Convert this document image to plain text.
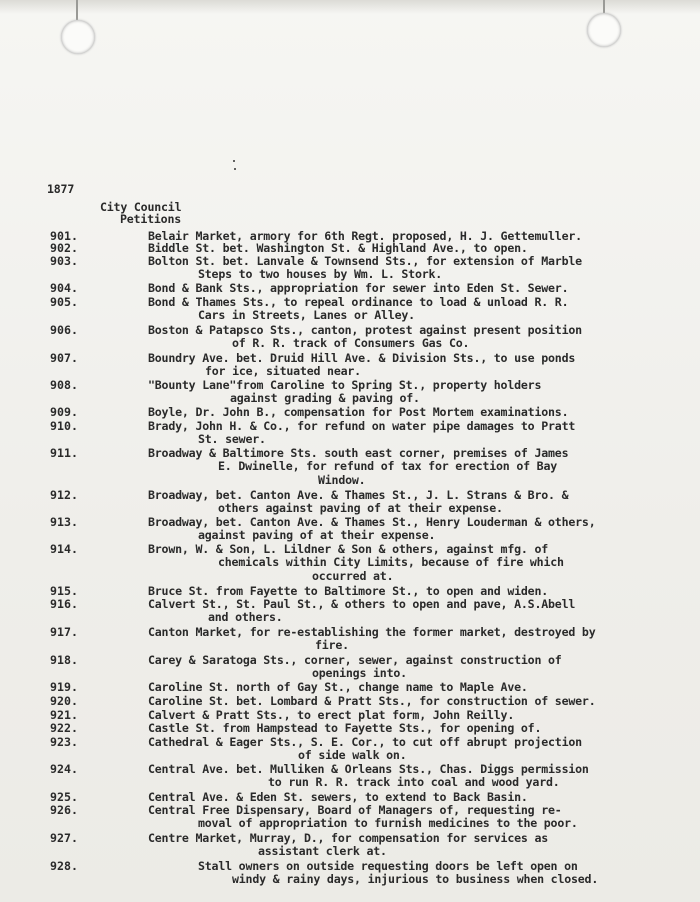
1877
City Council
Petitions
901.	Belair Market, armory for 6th Regt. proposed, H. J. Gettemuller.
902.	Biddle St. bet. Washington St. & Highland Ave., to open.
903.	Bolton St. bet. Lanvale & Townsend Sts., for extension of Marble
Steps to two houses by Wm. L. Stork.
904.	Bond & Bank Sts., appropriation for sewer into Eden St. Sewer.
905.	Bond & Thames Sts., to repeal ordinance to load & unload R. R.
Cars in Streets, Lanes or Alley.
906.	Boston & Patapsco Sts., canton, protest against present position
of R. R. track of Consumers Gas Co.
907.	Boundry Ave. bet. Druid Hill Ave. & Division Sts., to use ponds
for ice, situated near.
908.	"Bounty Lane"from Caroline to Spring St., property holders
against grading & paving of.
909.	Boyle, Dr. John B., compensation for Post Mortem examinations.
910.	Brady, John H. & Co., for refund on water pipe damages to Pratt
St. sewer.
911.	Broadway & Baltimore Sts. south east corner, premises of James
E. Dwinelle, for refund of tax for erection of Bay
Window.
912.	Broadway, bet. Canton Ave. & Thames St., J. L. Strans & Bro. &
others against paving of at their expense.
913.	Broadway, bet. Canton Ave. & Thames St., Henry Louderman & others,
against paving of at their expense.
914.	Brown, W. & Son, L. Lildner & Son & others, against mfg. of
chemicals within City Limits, because of fire which
occurred at.
915.	Bruce St. from Fayette to Baltimore St., to open and widen.
916.	Calvert St., St. Paul St., & others to open and pave, A.S.Abell
and others.
917.	Canton Market, for re-establishing the former market, destroyed by
fire.
918.	Carey & Saratoga Sts., corner, sewer, against construction of
openings into.
919.	Caroline St. north of Gay St., change name to Maple Ave.
920.	Caroline St. bet. Lombard & Pratt Sts., for construction of sewer.
921.	Calvert & Pratt Sts., to erect plat form, John Reilly.
922.	Castle St. from Hampstead to Fayette Sts., for opening of.
923.	Cathedral & Eager Sts., S. E. Cor., to cut off abrupt projection
of side walk on.
924.	Central Ave. bet. Mulliken & Orleans Sts., Chas. Diggs permission
to run R. R. track into coal and wood yard.
925.	Central Ave. & Eden St. sewers, to extend to Back Basin.
926.	Central Free Dispensary, Board of Managers of, requesting re-
moval of appropriation to furnish medicines to the poor.
927.	Centre Market, Murray, D., for compensation for services as
assistant clerk at.
928.	Stall owners on outside requesting doors be left open on
windy & rainy days, injurious to business when closed.
